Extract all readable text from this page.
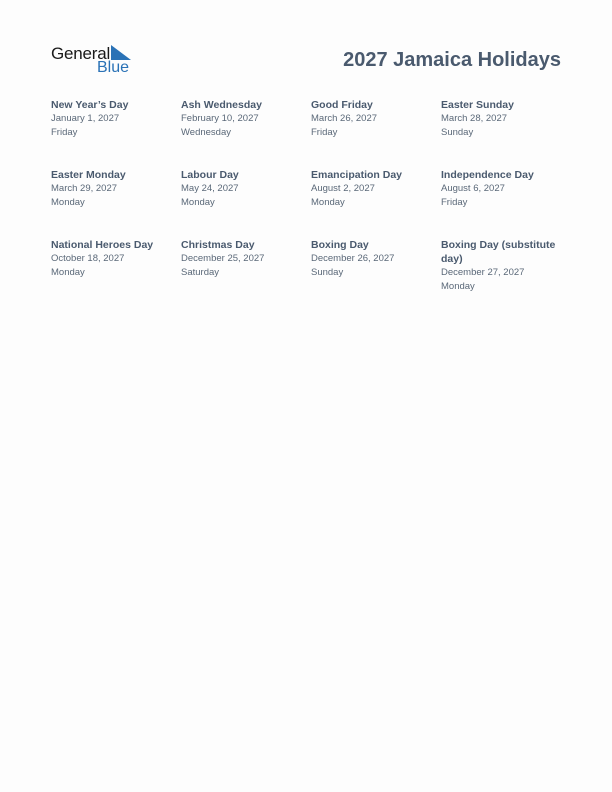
General
Blue	2027 Jamaica Holidays
New Year’s Day
January 1, 2027
Friday
Ash Wednesday
February 10, 2027
Wednesday
Good Friday
March 26, 2027
Friday
Easter Sunday
March 28, 2027
Sunday
Easter Monday
March 29, 2027
Monday
Labour Day
May 24, 2027
Monday
Emancipation Day
August 2, 2027
Monday
Independence Day
August 6, 2027
Friday
National Heroes Day
October 18, 2027
Monday
Christmas Day
December 25, 2027
Saturday
Boxing Day
December 26, 2027
Sunday
Boxing Day (substitute day)
December 27, 2027
Monday
